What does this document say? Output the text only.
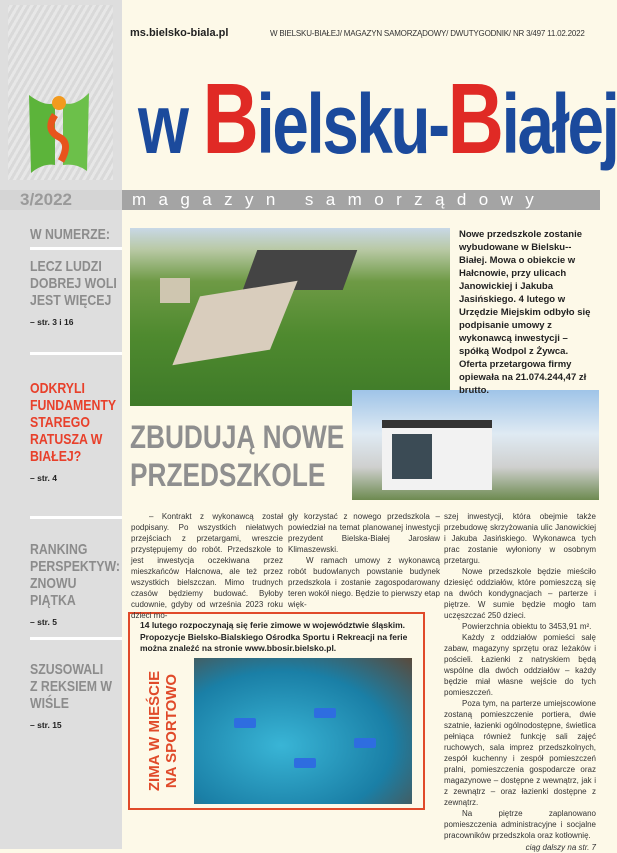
ms.bielsko-biala.pl	W BIELSKU-BIAŁEJ/ MAGAZYN SAMORZĄDOWY/ DWUTYGODNIK/ NR 3/497 11.02.2022
w Bielsku-Białej
3/2022	magazyn samorządowy
W NUMERZE:
LECZ LUDZI DOBREJ WOLI JEST WIĘCEJ
– str. 3 i 16
ODKRYLI FUNDAMENTY STAREGO RATUSZA W BIAŁEJ?
– str. 4
RANKING PERSPEKTYW: ZNOWU PIĄTKA
– str. 5
SZUSOWALI Z REKSIEM W WIŚLE
– str. 15
ZBUDUJĄ NOWE
PRZEDSZKOLE
14 lutego rozpoczynają się ferie zimowe w województwie śląskim. Propozycje Bielsko-Bialskiego Ośrodka Sportu i Rekreacji na ferie można znaleźć na stronie www.bbosir.bielsko.pl.
ZIMA W MIEŚCIE NA SPORTOWO
Nowe przedszkole zostanie wybudowane w Bielsku--Białej. Mowa o obiekcie w Hałcnowie, przy ulicach Janowickiej i Jakuba Jasińskiego. 4 lutego w Urzędzie Miejskim odbyło się podpisanie umowy z wykonawcą inwestycji – spółką Wodpol z Żywca. Oferta przetargowa firmy opiewała na 21.074.244,47 zł brutto.

– Kontrakt z wykonawcą został podpisany. Po wszystkich niełatwych przejściach z przetargami, wreszcie przystępujemy do robót. Przedszkole to jest inwestycja oczekiwana przez mieszkańców Hałcnowa, ale też przez wszystkich bielszczan. Mimo trudnych czasów będziemy budować. Byłoby cudownie, gdyby od września 2023 roku dzieci mo-

gły korzystać z nowego przedszkola – powiedział na temat planowanej inwestycji prezydent Bielska-Białej Jarosław Klimaszewski.

W ramach umowy z wykonawcą robót budowlanych powstanie budynek przedszkola i zostanie zagospodarowany teren wokół niego. Będzie to pierwszy etap więk-

szej inwestycji, która obejmie także przebudowę skrzyżowania ulic Janowickiej i Jakuba Jasińskiego. Wykonawca tych prac zostanie wyłoniony w osobnym przetargu.

Nowe przedszkole będzie mieściło dziesięć oddziałów, które pomieszczą się na dwóch kondygnacjach – parterze i piętrze. W sumie będzie mogło tam uczęszczać 250 dzieci.

Powierzchnia obiektu to 3453,91 m².

Każdy z oddziałów pomieści salę zabaw, magazyny sprzętu oraz leżaków i pościeli. Łazienki z natryskiem będą wspólne dla dwóch oddziałów – każdy będzie miał własne wejście do tych pomieszczeń.

Poza tym, na parterze umiejscowione zostaną pomieszczenie portiera, dwie szatnie, łazienki ogólnodostępne, świetlica pełniąca również funkcję sali zajęć ruchowych, sala imprez przedszkolnych, zespół kuchenny i zespół pomieszczeń pralni, pomieszczenia gospodarcze oraz magazynowe – dostępne z wewnątrz, jak i z zewnątrz – oraz łazienki dostępne z zewnątrz.

Na piętrze zaplanowano pomieszczenia administracyjne i socjalne pracowników przedszkola oraz kotłownię.

ciąg dalszy na str. 7
